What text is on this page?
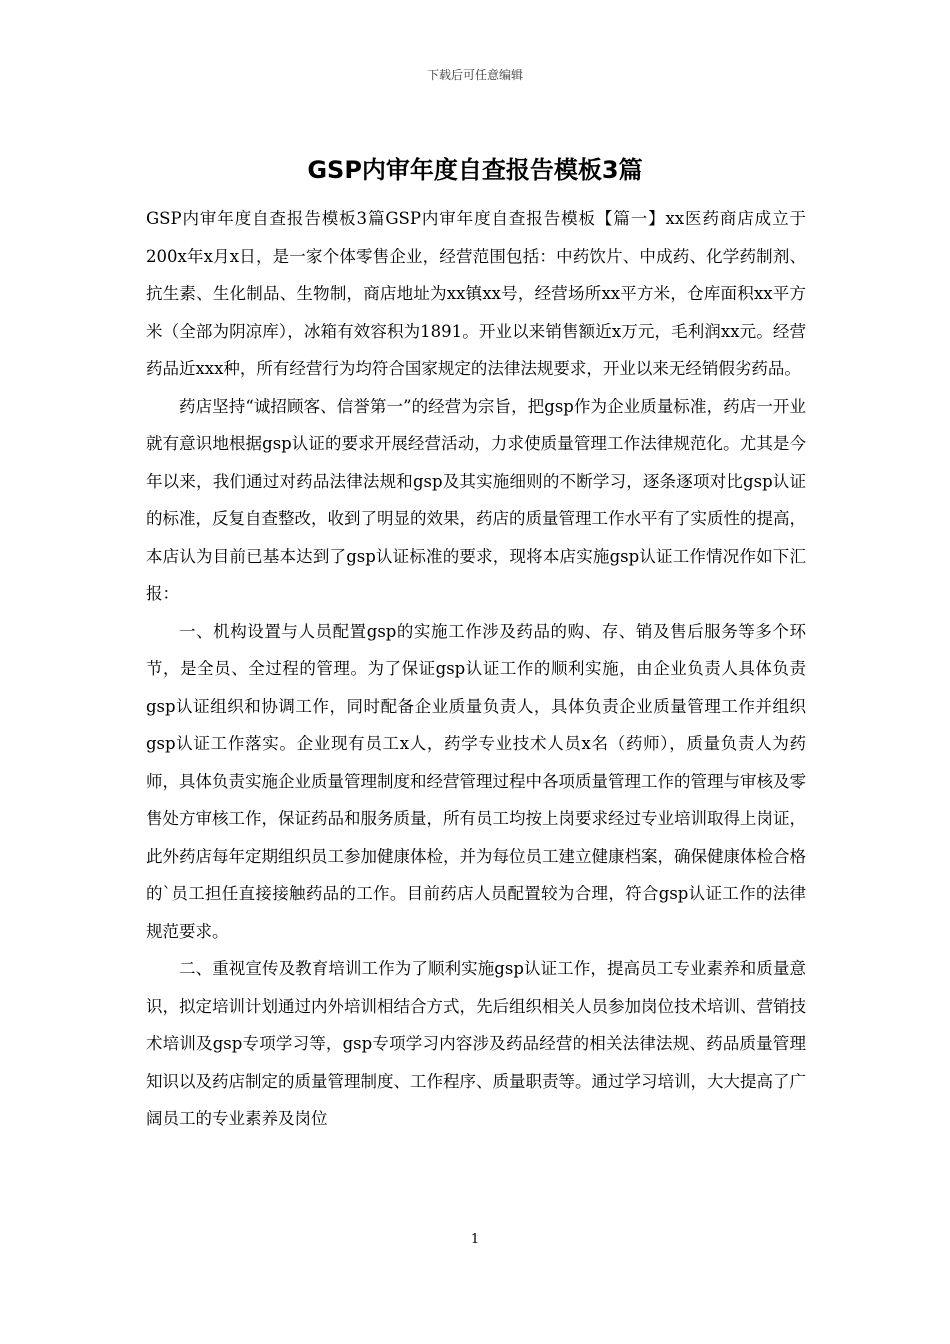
下载后可任意编辑
GSP内审年度自查报告模板3篇

GSP内审年度自查报告模板3篇GSP内审年度自查报告模板【篇一】xx医药商店成立于200x年x月x日，是一家个体零售企业，经营范围包括：中药饮片、中成药、化学药制剂、抗生素、生化制品、生物制，商店地址为xx镇xx号，经营场所xx平方米，仓库面积xx平方米（全部为阴凉库），冰箱有效容积为1891。开业以来销售额近x万元，毛利润xx元。经营药品近xxx种，所有经营行为均符合国家规定的法律法规要求，开业以来无经销假劣药品。

药店坚持“诚招顾客、信誉第一”的经营为宗旨，把gsp作为企业质量标准，药店一开业就有意识地根据gsp认证的要求开展经营活动，力求使质量管理工作法律规范化。尤其是今年以来，我们通过对药品法律法规和gsp及其实施细则的不断学习，逐条逐项对比gsp认证的标准，反复自查整改，收到了明显的效果，药店的质量管理工作水平有了实质性的提高，本店认为目前已基本达到了gsp认证标准的要求，现将本店实施gsp认证工作情况作如下汇报：

一、机构设置与人员配置gsp的实施工作涉及药品的购、存、销及售后服务等多个环节，是全员、全过程的管理。为了保证gsp认证工作的顺利实施，由企业负责人具体负责gsp认证组织和协调工作，同时配备企业质量负责人，具体负责企业质量管理工作并组织gsp认证工作落实。企业现有员工x人，药学专业技术人员x名（药师），质量负责人为药师，具体负责实施企业质量管理制度和经营管理过程中各项质量管理工作的管理与审核及零售处方审核工作，保证药品和服务质量，所有员工均按上岗要求经过专业培训取得上岗证，此外药店每年定期组织员工参加健康体检，并为每位员工建立健康档案，确保健康体检合格的`员工担任直接接触药品的工作。目前药店人员配置较为合理，符合gsp认证工作的法律规范要求。

二、重视宣传及教育培训工作为了顺利实施gsp认证工作，提高员工专业素养和质量意识，拟定培训计划通过内外培训相结合方式，先后组织相关人员参加岗位技术培训、营销技术培训及gsp专项学习等，gsp专项学习内容涉及药品经营的相关法律法规、药品质量管理知识以及药店制定的质量管理制度、工作程序、质量职责等。通过学习培训，大大提高了广阔员工的专业素养及岗位

1
